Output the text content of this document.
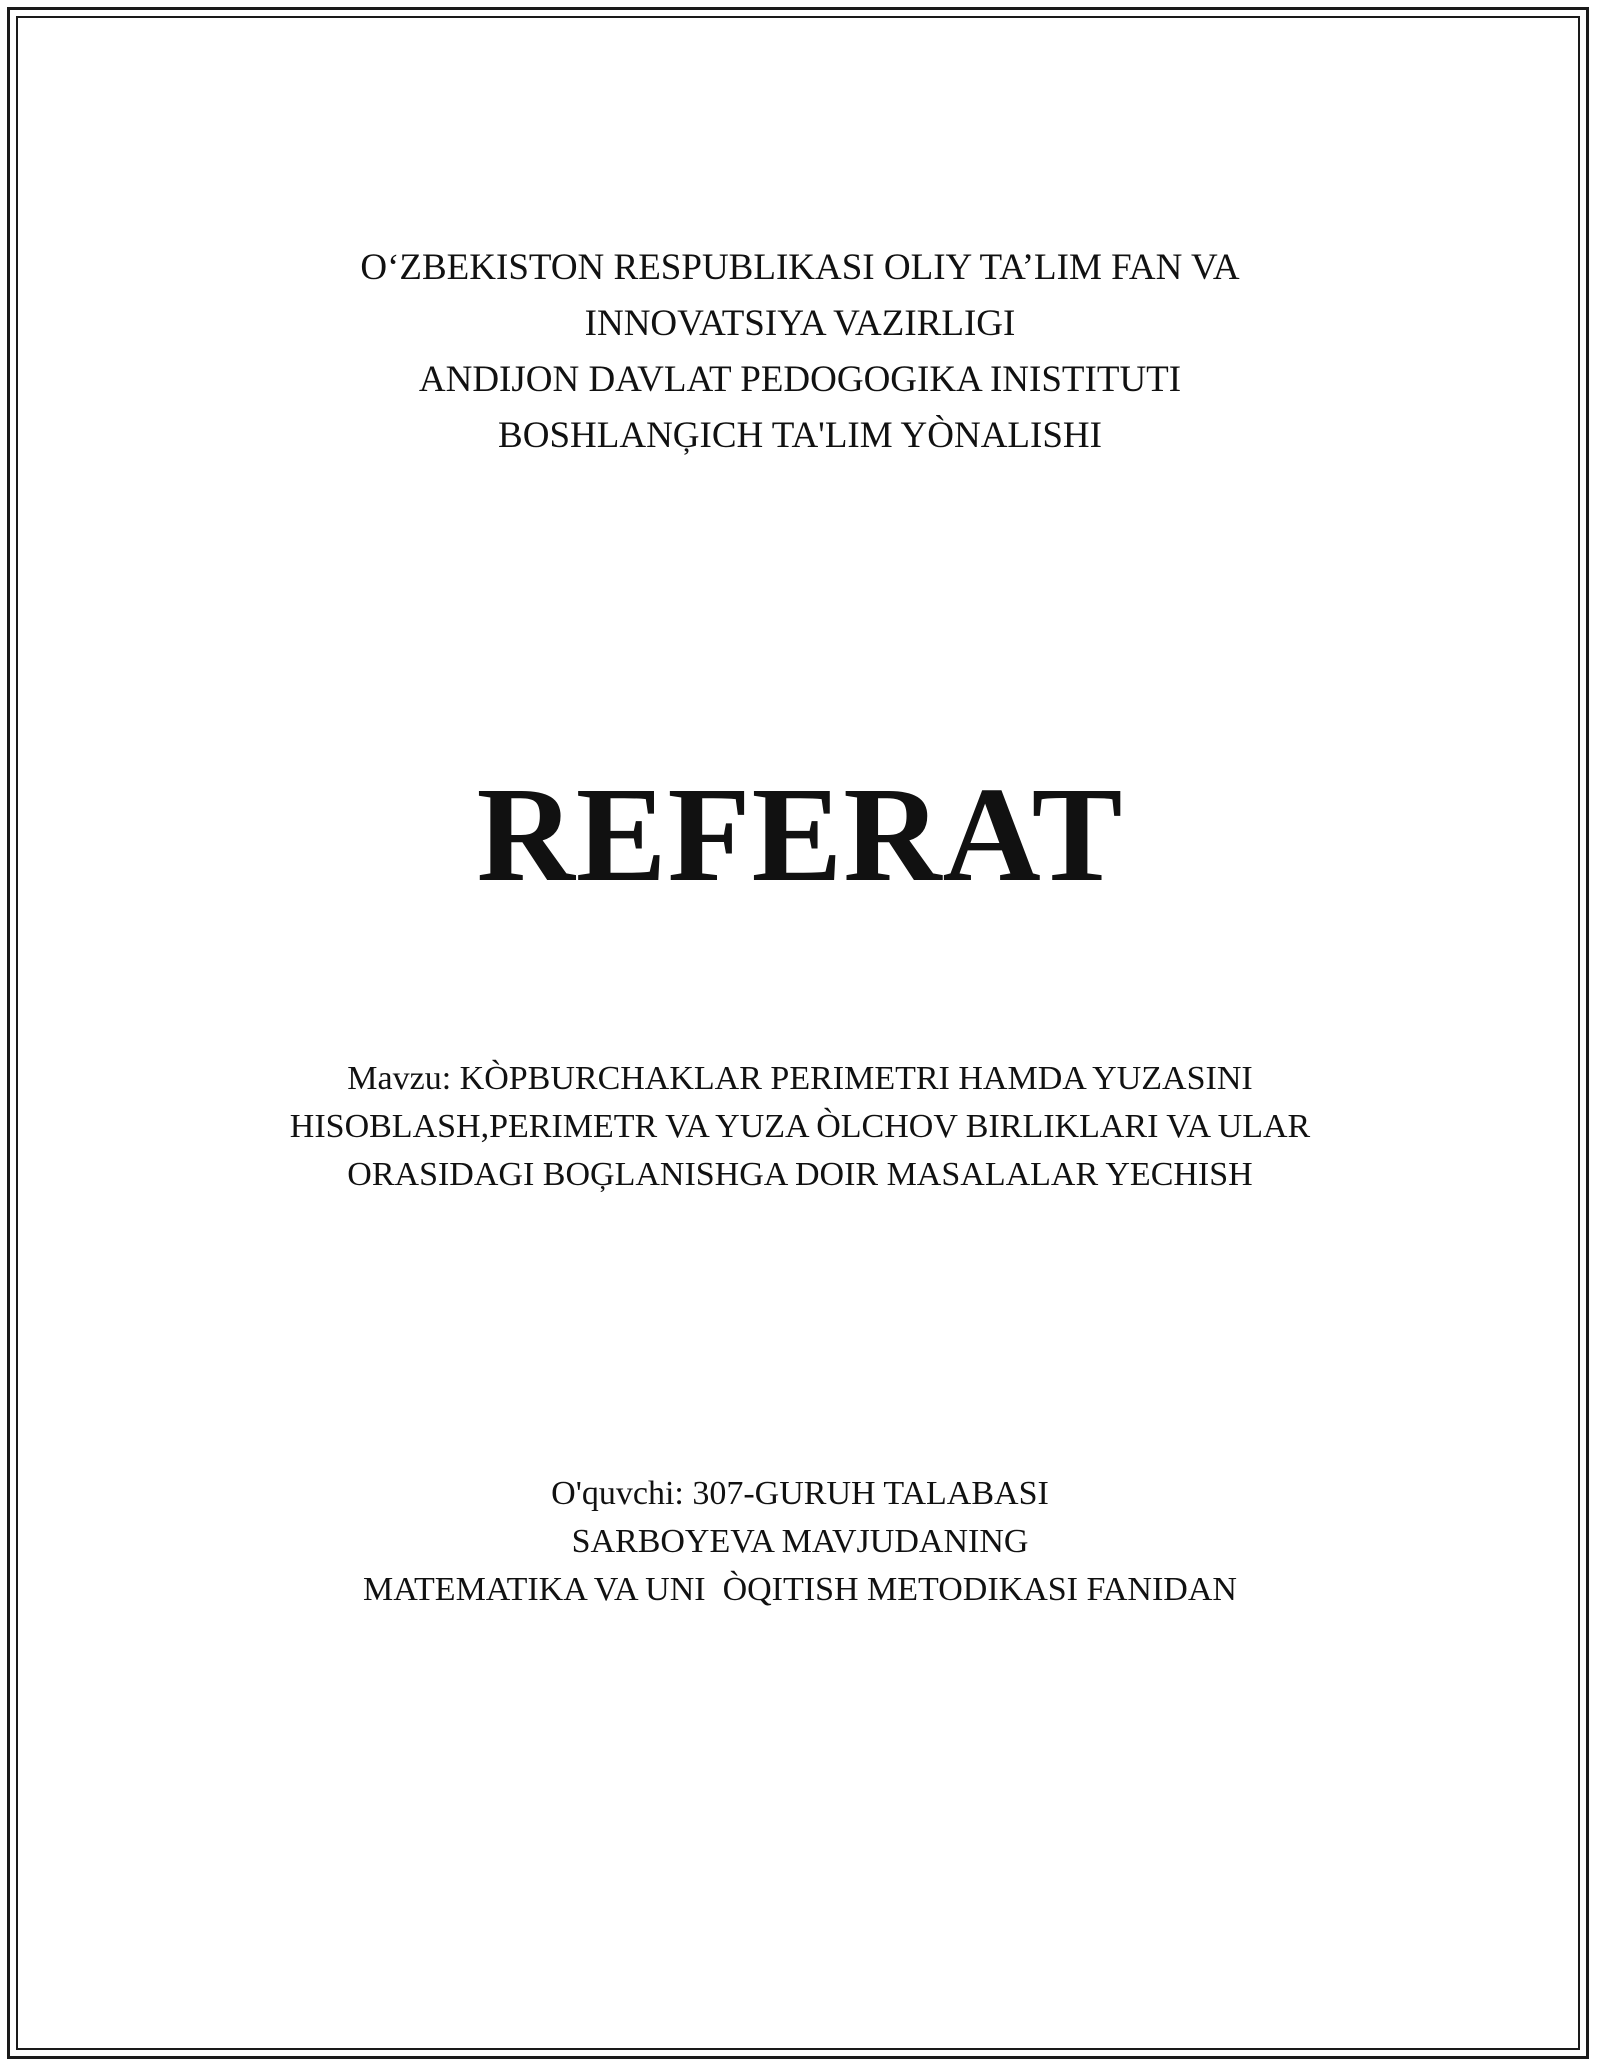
O‘ZBEKISTON RESPUBLIKASI OLIY TA’LIM FAN VA
INNOVATSIYA VAZIRLIGI
ANDIJON DAVLAT PEDOGOGIKA INISTITUTI
BOSHLANĢICH TA'LIM YÒNALISHI
REFERAT
Mavzu: KÒPBURCHAKLAR PERIMETRI HAMDA YUZASINI
HISOBLASH,PERIMETR VA YUZA ÒLCHOV BIRLIKLARI VA ULAR
ORASIDAGI BOĢLANISHGA DOIR MASALALAR YECHISH
O'quvchi: 307-GURUH TALABASI
SARBOYEVA MAVJUDANING
MATEMATIKA VA UNI  ÒQITISH METODIKASI FANIDAN
